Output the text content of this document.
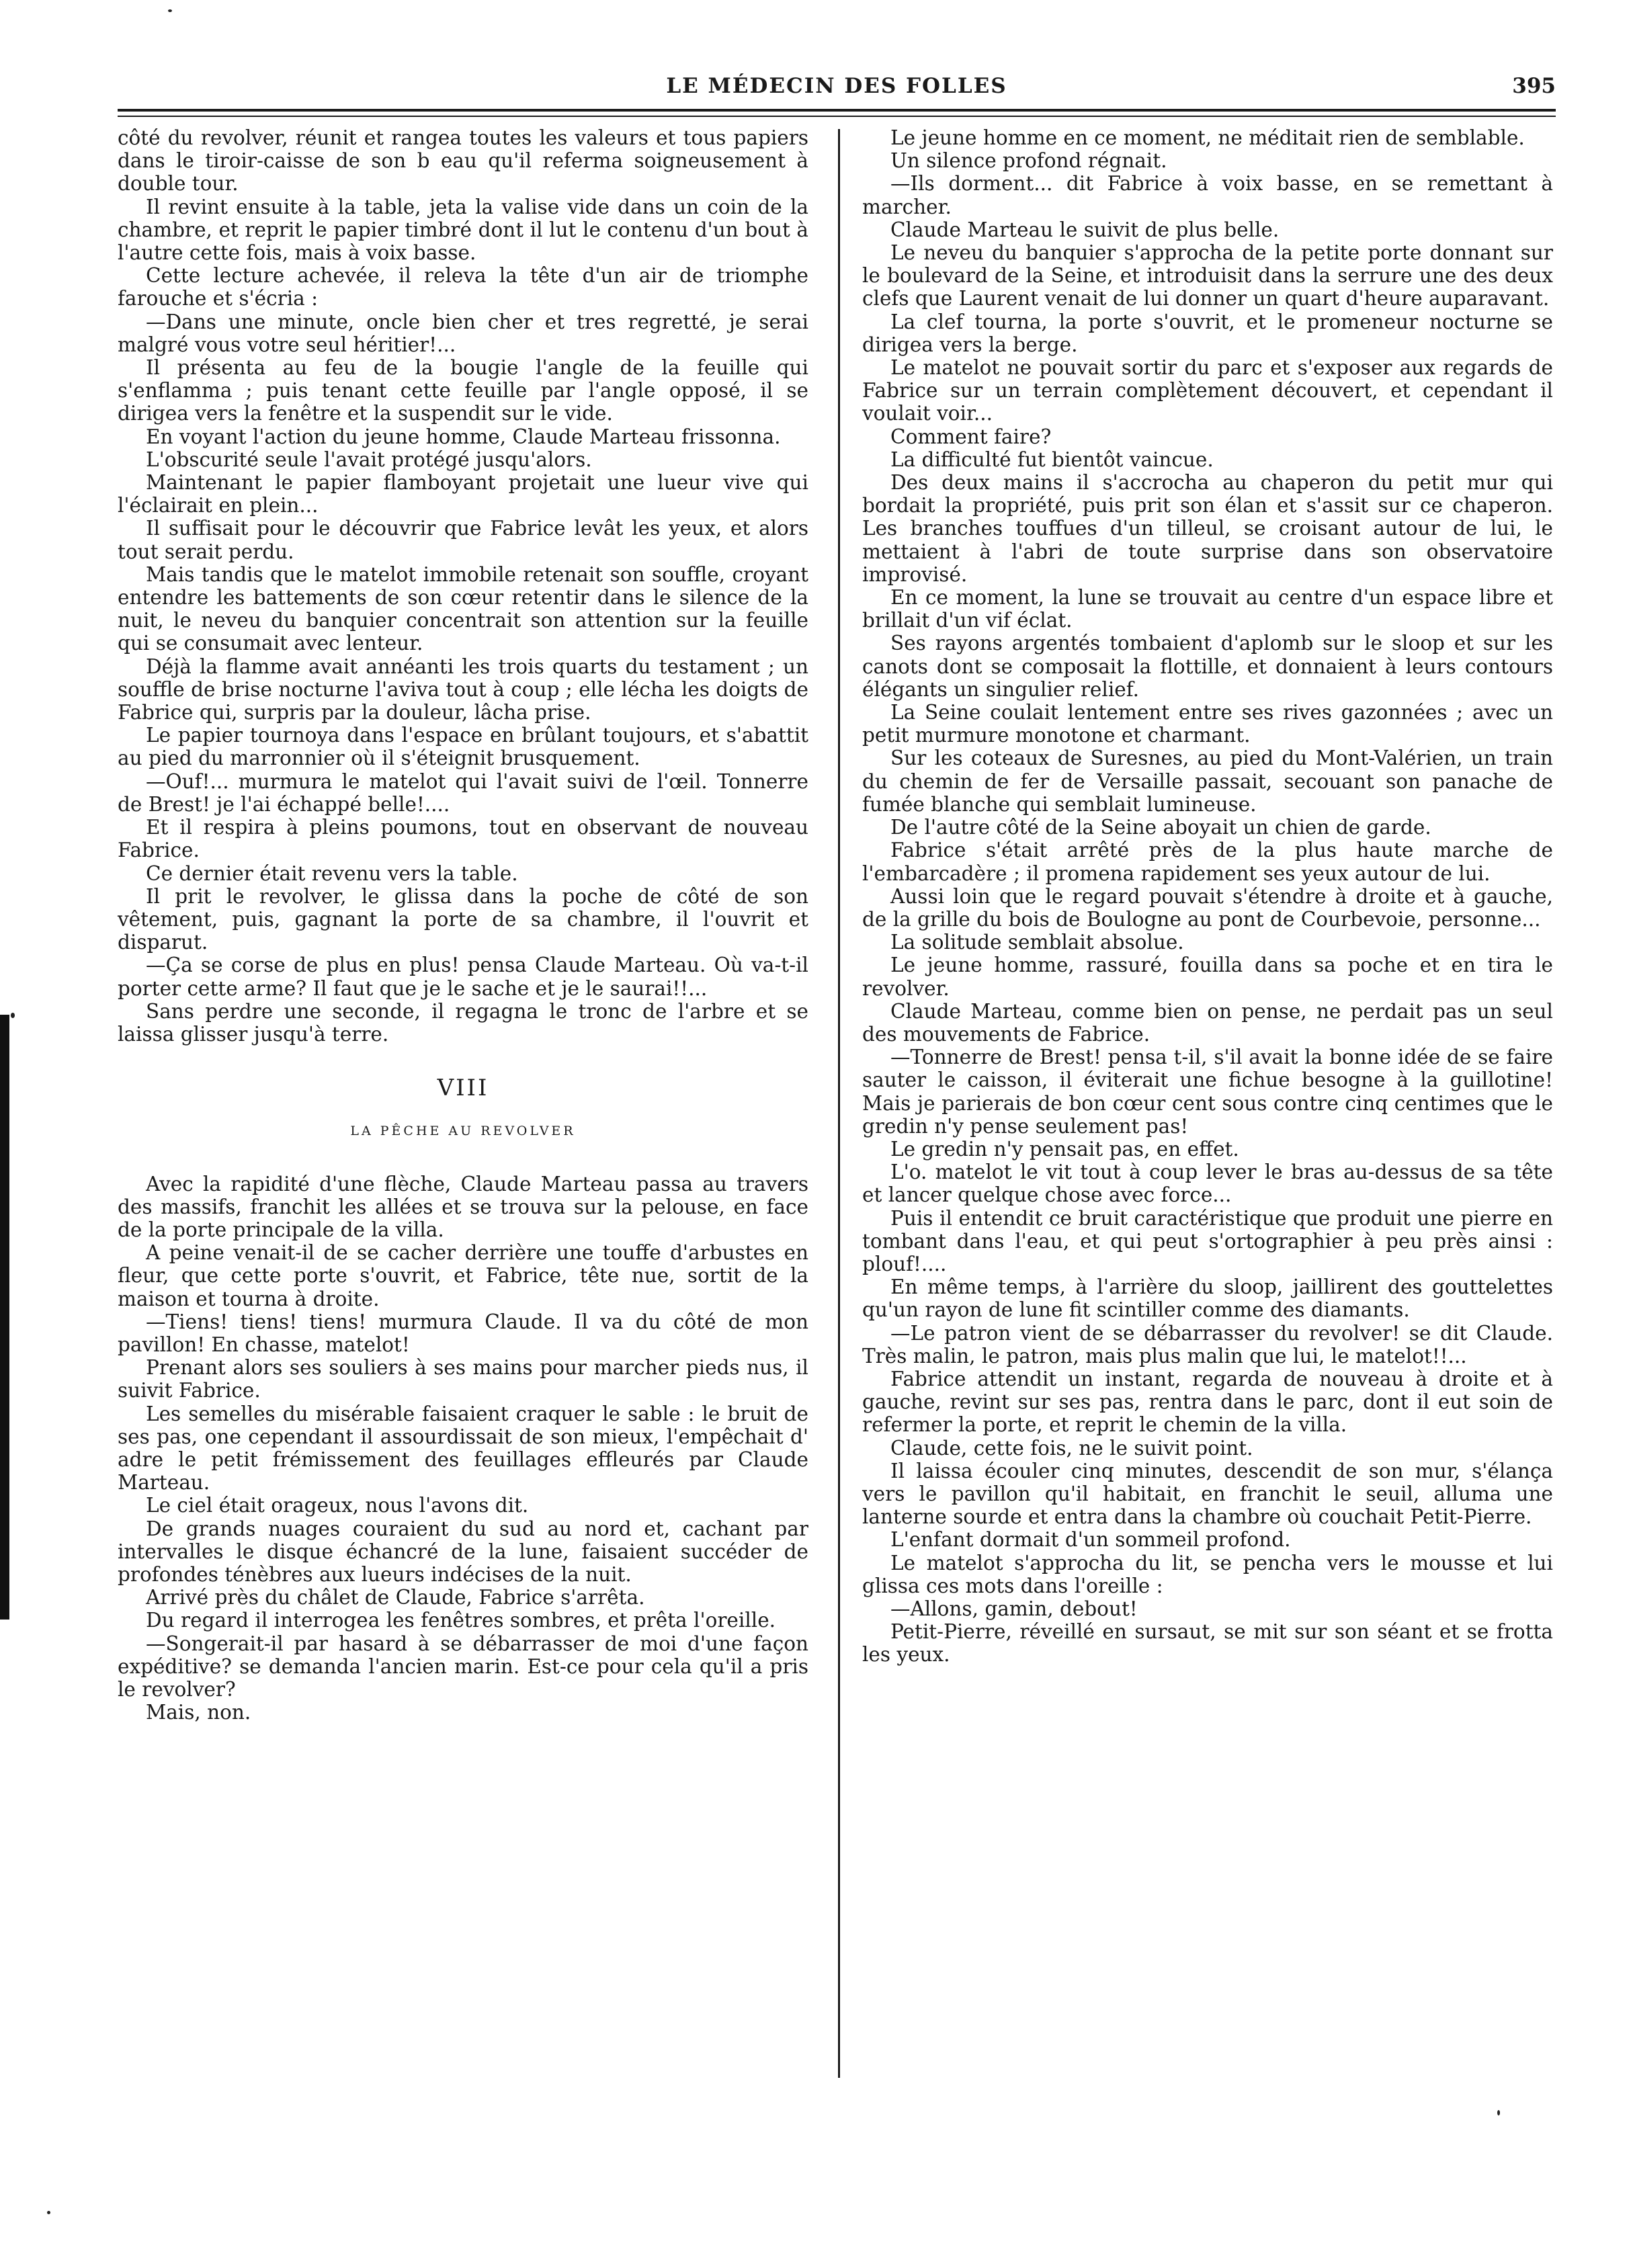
LE MÉDECIN DES FOLLES	395

côté du revolver, réunit et rangea toutes les valeurs et tous papiers dans le tiroir-caisse de son b eau qu'il referma soigneusement à double tour.

Il revint ensuite à la table, jeta la valise vide dans un coin de la chambre, et reprit le papier timbré dont il lut le contenu d'un bout à l'autre cette fois, mais à voix basse.

Cette lecture achevée, il releva la tête d'un air de triomphe farouche et s'écria :

—Dans une minute, oncle bien cher et tres regretté, je serai malgré vous votre seul héritier!...

Il présenta au feu de la bougie l'angle de la feuille qui s'enflamma ; puis tenant cette feuille par l'angle opposé, il se dirigea vers la fenêtre et la suspendit sur le vide.

En voyant l'action du jeune homme, Claude Marteau frissonna.

L'obscurité seule l'avait protégé jusqu'alors.

Maintenant le papier flamboyant projetait une lueur vive qui l'éclairait en plein...

Il suffisait pour le découvrir que Fabrice levât les yeux, et alors tout serait perdu.

Mais tandis que le matelot immobile retenait son souffle, croyant entendre les battements de son cœur retentir dans le silence de la nuit, le neveu du banquier concentrait son attention sur la feuille qui se consumait avec lenteur.

Déjà la flamme avait annéanti les trois quarts du testament ; un souffle de brise nocturne l'aviva tout à coup ; elle lécha les doigts de Fabrice qui, surpris par la douleur, lâcha prise.

Le papier tournoya dans l'espace en brûlant toujours, et s'abattit au pied du marronnier où il s'éteignit brusquement.

—Ouf!... murmura le matelot qui l'avait suivi de l'œil. Tonnerre de Brest! je l'ai échappé belle!....

Et il respira à pleins poumons, tout en observant de nouveau Fabrice.

Ce dernier était revenu vers la table.

Il prit le revolver, le glissa dans la poche de côté de son vêtement, puis, gagnant la porte de sa chambre, il l'ouvrit et disparut.

—Ça se corse de plus en plus! pensa Claude Marteau. Où va-t-il porter cette arme? Il faut que je le sache et je le saurai!!...

Sans perdre une seconde, il regagna le tronc de l'arbre et se laissa glisser jusqu'à terre.

VIII
LA PÊCHE AU REVOLVER

Avec la rapidité d'une flèche, Claude Marteau passa au travers des massifs, franchit les allées et se trouva sur la pelouse, en face de la porte principale de la villa.

A peine venait-il de se cacher derrière une touffe d'arbustes en fleur, que cette porte s'ouvrit, et Fabrice, tête nue, sortit de la maison et tourna à droite.

—Tiens! tiens! tiens! murmura Claude. Il va du côté de mon pavillon! En chasse, matelot!

Prenant alors ses souliers à ses mains pour marcher pieds nus, il suivit Fabrice.

Les semelles du misérable faisaient craquer le sable : le bruit de ses pas, one cependant il assourdissait de son mieux, l'empêchait d' adre le petit frémissement des feuillages effleurés par Claude Marteau.

Le ciel était orageux, nous l'avons dit.

De grands nuages couraient du sud au nord et, cachant par intervalles le disque échancré de la lune, faisaient succéder de profondes ténèbres aux lueurs indécises de la nuit.

Arrivé près du châlet de Claude, Fabrice s'arrêta.

Du regard il interrogea les fenêtres sombres, et prêta l'oreille.

—Songerait-il par hasard à se débarrasser de moi d'une façon expéditive? se demanda l'ancien marin. Est-ce pour cela qu'il a pris le revolver?

Mais, non.

Le jeune homme en ce moment, ne méditait rien de semblable.

Un silence profond régnait.

—Ils dorment... dit Fabrice à voix basse, en se remettant à marcher.

Claude Marteau le suivit de plus belle.

Le neveu du banquier s'approcha de la petite porte donnant sur le boulevard de la Seine, et introduisit dans la serrure une des deux clefs que Laurent venait de lui donner un quart d'heure auparavant.

La clef tourna, la porte s'ouvrit, et le promeneur nocturne se dirigea vers la berge.

Le matelot ne pouvait sortir du parc et s'exposer aux regards de Fabrice sur un terrain complètement découvert, et cependant il voulait voir...

Comment faire?

La difficulté fut bientôt vaincue.

Des deux mains il s'accrocha au chaperon du petit mur qui bordait la propriété, puis prit son élan et s'assit sur ce chaperon. Les branches touffues d'un tilleul, se croisant autour de lui, le mettaient à l'abri de toute surprise dans son observatoire improvisé.

En ce moment, la lune se trouvait au centre d'un espace libre et brillait d'un vif éclat.

Ses rayons argentés tombaient d'aplomb sur le sloop et sur les canots dont se composait la flottille, et donnaient à leurs contours élégants un singulier relief.

La Seine coulait lentement entre ses rives gazonnées ; avec un petit murmure monotone et charmant.

Sur les coteaux de Suresnes, au pied du Mont-Valérien, un train du chemin de fer de Versaille passait, secouant son panache de fumée blanche qui semblait lumineuse.

De l'autre côté de la Seine aboyait un chien de garde.

Fabrice s'était arrêté près de la plus haute marche de l'embarcadère ; il promena rapidement ses yeux autour de lui.

Aussi loin que le regard pouvait s'étendre à droite et à gauche, de la grille du bois de Boulogne au pont de Courbevoie, personne...

La solitude semblait absolue.

Le jeune homme, rassuré, fouilla dans sa poche et en tira le revolver.

Claude Marteau, comme bien on pense, ne perdait pas un seul des mouvements de Fabrice.

—Tonnerre de Brest! pensa t-il, s'il avait la bonne idée de se faire sauter le caisson, il éviterait une fichue besogne à la guillotine! Mais je parierais de bon cœur cent sous contre cinq centimes que le gredin n'y pense seulement pas!

Le gredin n'y pensait pas, en effet.

L'o. matelot le vit tout à coup lever le bras au-dessus de sa tête et lancer quelque chose avec force...

Puis il entendit ce bruit caractéristique que produit une pierre en tombant dans l'eau, et qui peut s'ortographier à peu près ainsi : plouf!....

En même temps, à l'arrière du sloop, jaillirent des gouttelettes qu'un rayon de lune fit scintiller comme des diamants.

—Le patron vient de se débarrasser du revolver! se dit Claude. Très malin, le patron, mais plus malin que lui, le matelot!!...

Fabrice attendit un instant, regarda de nouveau à droite et à gauche, revint sur ses pas, rentra dans le parc, dont il eut soin de refermer la porte, et reprit le chemin de la villa.

Claude, cette fois, ne le suivit point.

Il laissa écouler cinq minutes, descendit de son mur, s'élança vers le pavillon qu'il habitait, en franchit le seuil, alluma une lanterne sourde et entra dans la chambre où couchait Petit-Pierre.

L'enfant dormait d'un sommeil profond.

Le matelot s'approcha du lit, se pencha vers le mousse et lui glissa ces mots dans l'oreille :

—Allons, gamin, debout!

Petit-Pierre, réveillé en sursaut, se mit sur son séant et se frotta les yeux.
